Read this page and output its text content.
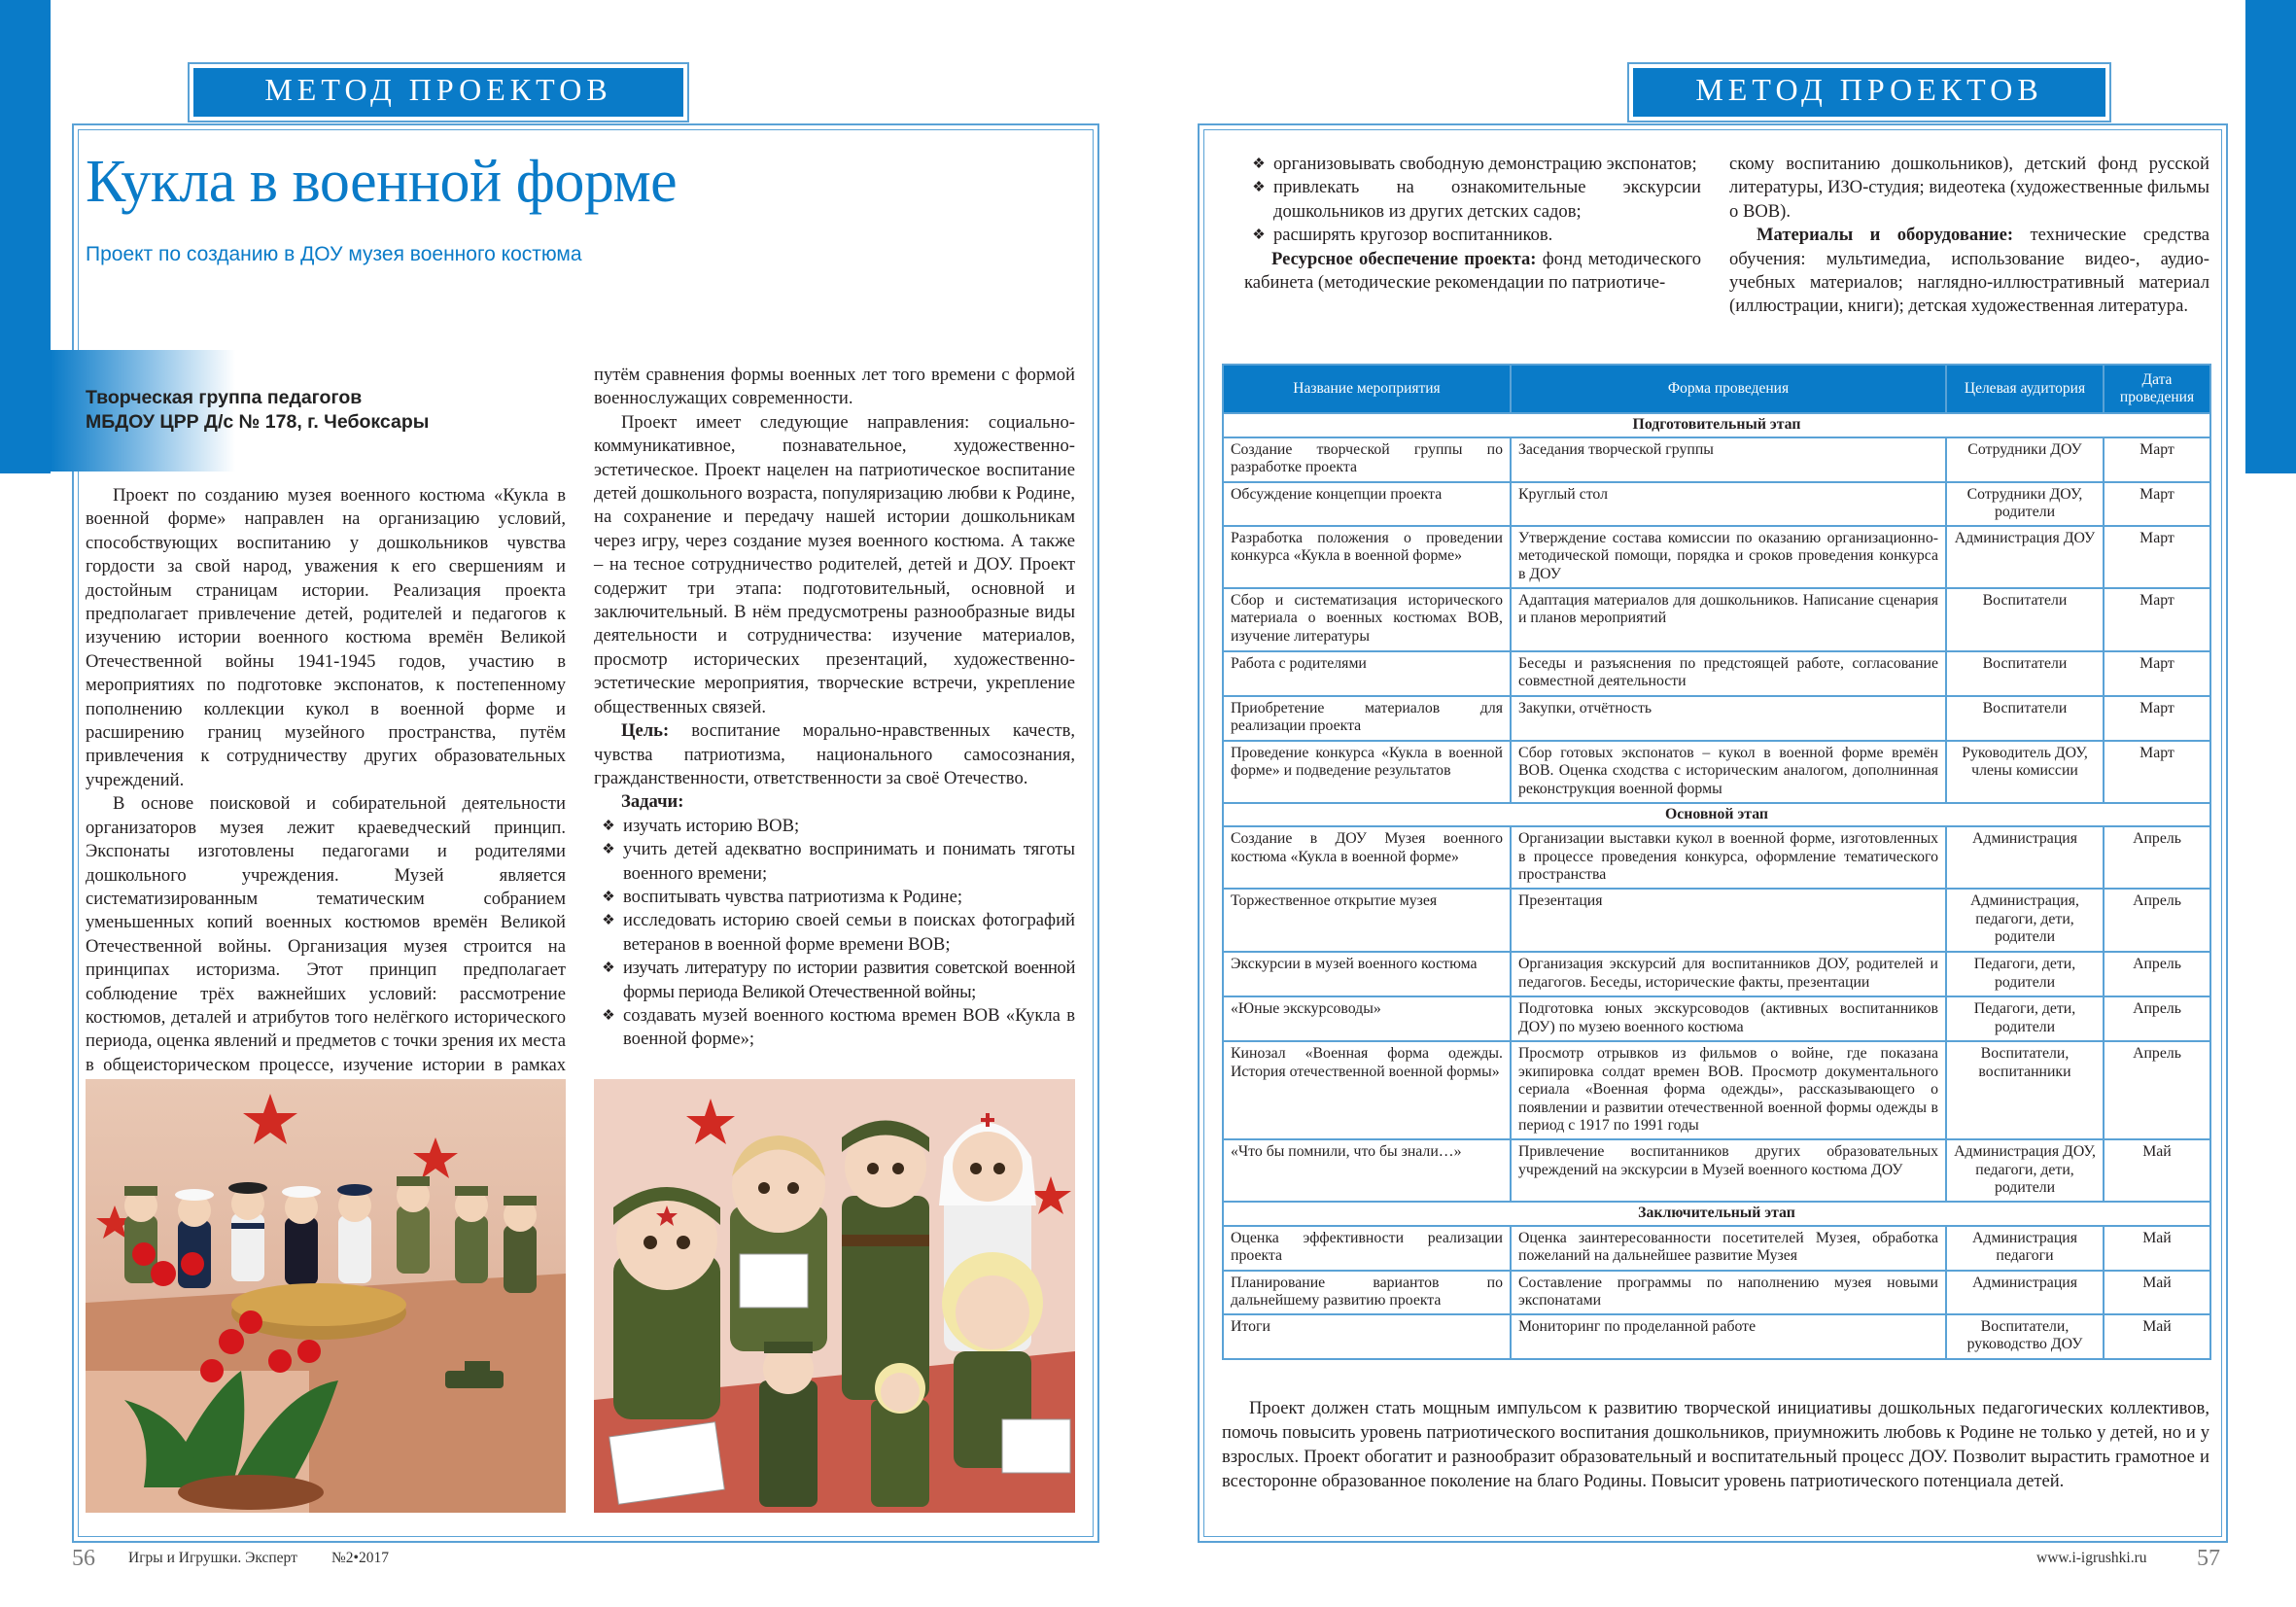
МЕТОД ПРОЕКТОВ	МЕТОД ПРОЕКТОВ
Кукла в военной форме
Проект по созданию в ДОУ музея военного костюма
Творческая группа педагогов
МБДОУ ЦРР Д/с № 178, г. Чебоксары

Проект по созданию музея военного костюма «Кукла в военной форме» направлен на организацию условий, способствующих воспитанию у дошкольников чувства гордости за свой народ, уважения к его свершениям и достойным страницам истории. Реализация проекта предполагает привлечение детей, родителей и педагогов к изучению истории военного костюма времён Великой Отечественной войны 1941-1945 годов, участию в мероприятиях по подготовке экспонатов, к постепенному пополнению коллекции кукол в военной форме и расширению границ музейного пространства, путём привлечения к сотрудничеству других образовательных учреждений.

В основе поисковой и собирательной деятельности организаторов музея лежит краеведческий принцип. Экспонаты изготовлены педагогами и родителями дошкольного учреждения. Музей является систематизированным тематическим собранием уменьшенных копий военных костюмов времён Великой Отечественной войны. Организация музея строится на принципах историзма. Этот принцип предполагает соблюдение трёх важнейших условий: рассмотрение костюмов, деталей и атрибутов того нелёгкого исторического периода, оценка явлений и предметов с точки зрения их места в общеисторическом процессе, изучение истории в рамках

путём сравнения формы военных лет того времени с формой военнослужащих современности.

Проект имеет следующие направления: социально-коммуникативное, познавательное, художественно-эстетическое. Проект нацелен на патриотическое воспитание детей дошкольного возраста, популяризацию любви к Родине, на сохранение и передачу нашей истории дошкольникам через игру, через создание музея военного костюма. А также – на тесное сотрудничество родителей, детей и ДОУ. Проект содержит три этапа: подготовительный, основной и заключительный. В нём предусмотрены разнообразные виды деятельности и сотрудничества: изучение материалов, просмотр исторических презентаций, художественно-эстетические мероприятия, творческие встречи, укрепление общественных связей.

Цель: воспитание морально-нравственных качеств, чувства патриотизма, национального самосознания, гражданственности, ответственности за своё Отечество.

Задачи:

❖ изучать историю ВОВ;
❖ учить детей адекватно воспринимать и понимать тяготы военного времени;
❖ воспитывать чувства патриотизма к Родине;
❖ исследовать историю своей семьи в поисках фотографий ветеранов в военной форме времени ВОВ;
❖ изучать литературу по истории развития советской военной формы периода Великой Отечественной войны;
❖ создавать музей военного костюма времен ВОВ «Кукла в военной форме»;
❖ организовывать свободную демонстрацию экспонатов;
❖ привлекать на ознакомительные экскурсии дошкольников из других детских садов;
❖ расширять кругозор воспитанников.

Ресурсное обеспечение проекта: фонд методического кабинета (методические рекомендации по патриотиче-

скому воспитанию дошкольников), детский фонд русской литературы, ИЗО-студия; видеотека (художественные фильмы о ВОВ).

Материалы и оборудование: технические средства обучения: мультимедиа, использование видео-, аудио-учебных материалов; наглядно-иллюстративный материал (иллюстрации, книги); детская художественная литература.

Название мероприятия	Форма проведения	Целевая аудитория	Дата проведения
Подготовительный этап			
Создание творческой группы по разработке проекта	Заседания творческой группы	Сотрудники ДОУ	Март
Обсуждение концепции проекта	Круглый стол	Сотрудники ДОУ, родители	Март
Разработка положения о проведении конкурса «Кукла в военной форме»	Утверждение состава комиссии по оказанию организационно-методической помощи, порядка и сроков проведения конкурса в ДОУ	Администрация ДОУ	Март
Сбор и систематизация исторического материала о военных костюмах ВОВ, изучение литературы	Адаптация материалов для дошкольников. Написание сценария и планов мероприятий	Воспитатели	Март
Работа с родителями	Беседы и разъяснения по предстоящей работе, согласование совместной деятельности	Воспитатели	Март
Приобретение материалов для реализации проекта	Закупки, отчётность	Воспитатели	Март
Проведение конкурса «Кукла в военной форме» и подведение результатов	Сбор готовых экспонатов – кукол в военной форме времён ВОВ. Оценка сходства с историческим аналогом, дополнинная реконструкция военной формы	Руководитель ДОУ, члены комиссии	Март
Основной этап			
Создание в ДОУ Музея военного костюма «Кукла в военной форме»	Организации выставки кукол в военной форме, изготовленных в процессе проведения конкурса, оформление тематического пространства	Администрация	Апрель
Торжественное открытие музея	Презентация	Администрация, педагоги, дети, родители	Апрель
Экскурсии в музей военного костюма	Организация экскурсий для воспитанников ДОУ, родителей и педагогов. Беседы, исторические факты, презентации	Педагоги, дети, родители	Апрель
«Юные экскурсоводы»	Подготовка юных экскурсоводов (активных воспитанников ДОУ) по музею военного костюма	Педагоги, дети, родители	Апрель
Кинозал «Военная форма одежды. История отечественной военной формы»	Просмотр отрывков из фильмов о войне, где показана экипировка солдат времен ВОВ. Просмотр документального сериала «Военная форма одежды», рассказывающего о появлении и развитии отечественной военной формы одежды в период с 1917 по 1991 годы	Воспитатели, воспитанники	Апрель
«Что бы помнили, что бы знали…»	Привлечение воспитанников других образовательных учреждений на экскурсии в Музей военного костюма ДОУ	Администрация ДОУ, педагоги, дети, родители	Май
Заключительный этап			
Оценка эффективности реализации проекта	Оценка заинтересованности посетителей Музея, обработка пожеланий на дальнейшее развитие Музея	Администрация педагоги	Май
Планирование вариантов по дальнейшему развитию проекта	Составление программы по наполнению музея новыми экспонатами	Администрация	Май
Итоги	Мониторинг по проделанной работе	Воспитатели, руководство ДОУ	Май

Проект должен стать мощным импульсом к развитию творческой инициативы дошкольных педагогических коллективов, помочь повысить уровень патриотического воспитания дошкольников, приумножить любовь к Родине не только у детей, но и у взрослых. Проект обогатит и разнообразит образовательный и воспитательный процесс ДОУ. Позволит вырастить грамотное и всесторонне образованное поколение на благо Родины. Повысит уровень патриотического потенциала детей.

56 Игры и Игрушки. Эксперт №2•2017	www.i-igrushki.ru 57
